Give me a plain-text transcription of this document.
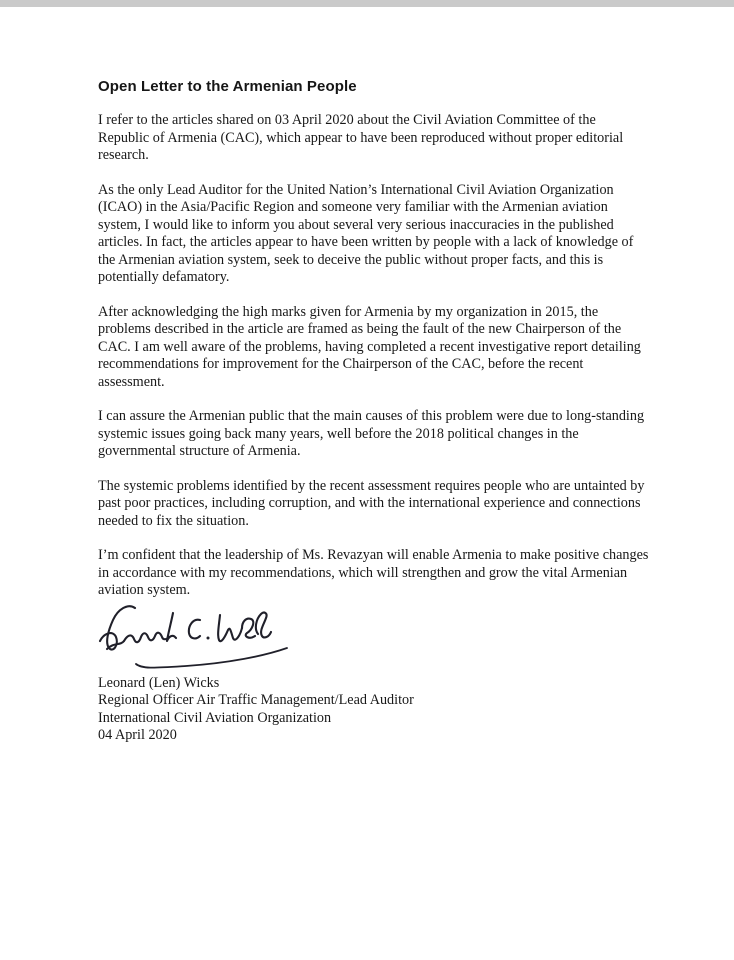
Open Letter to the Armenian People
I refer to the articles shared on 03 April 2020 about the Civil Aviation Committee of the
Republic of Armenia (CAC), which appear to have been reproduced without proper editorial
research.
As the only Lead Auditor for the United Nation’s International Civil Aviation Organization
(ICAO) in the Asia/Pacific Region and someone very familiar with the Armenian aviation
system, I would like to inform you about several very serious inaccuracies in the published
articles. In fact, the articles appear to have been written by people with a lack of knowledge of
the Armenian aviation system, seek to deceive the public without proper facts, and this is
potentially defamatory.
After acknowledging the high marks given for Armenia by my organization in 2015, the
problems described in the article are framed as being the fault of the new Chairperson of the
CAC. I am well aware of the problems, having completed a recent investigative report detailing
recommendations for improvement for the Chairperson of the CAC, before the recent
assessment.
I can assure the Armenian public that the main causes of this problem were due to long-standing
systemic issues going back many years, well before the 2018 political changes in the
governmental structure of Armenia.
The systemic problems identified by the recent assessment requires people who are untainted by
past poor practices, including corruption, and with the international experience and connections
needed to fix the situation.
I’m confident that the leadership of Ms. Revazyan will enable Armenia to make positive changes
in accordance with my recommendations, which will strengthen and grow the vital Armenian
aviation system.
Leonard (Len) Wicks
Regional Officer Air Traffic Management/Lead Auditor
International Civil Aviation Organization
04 April 2020
